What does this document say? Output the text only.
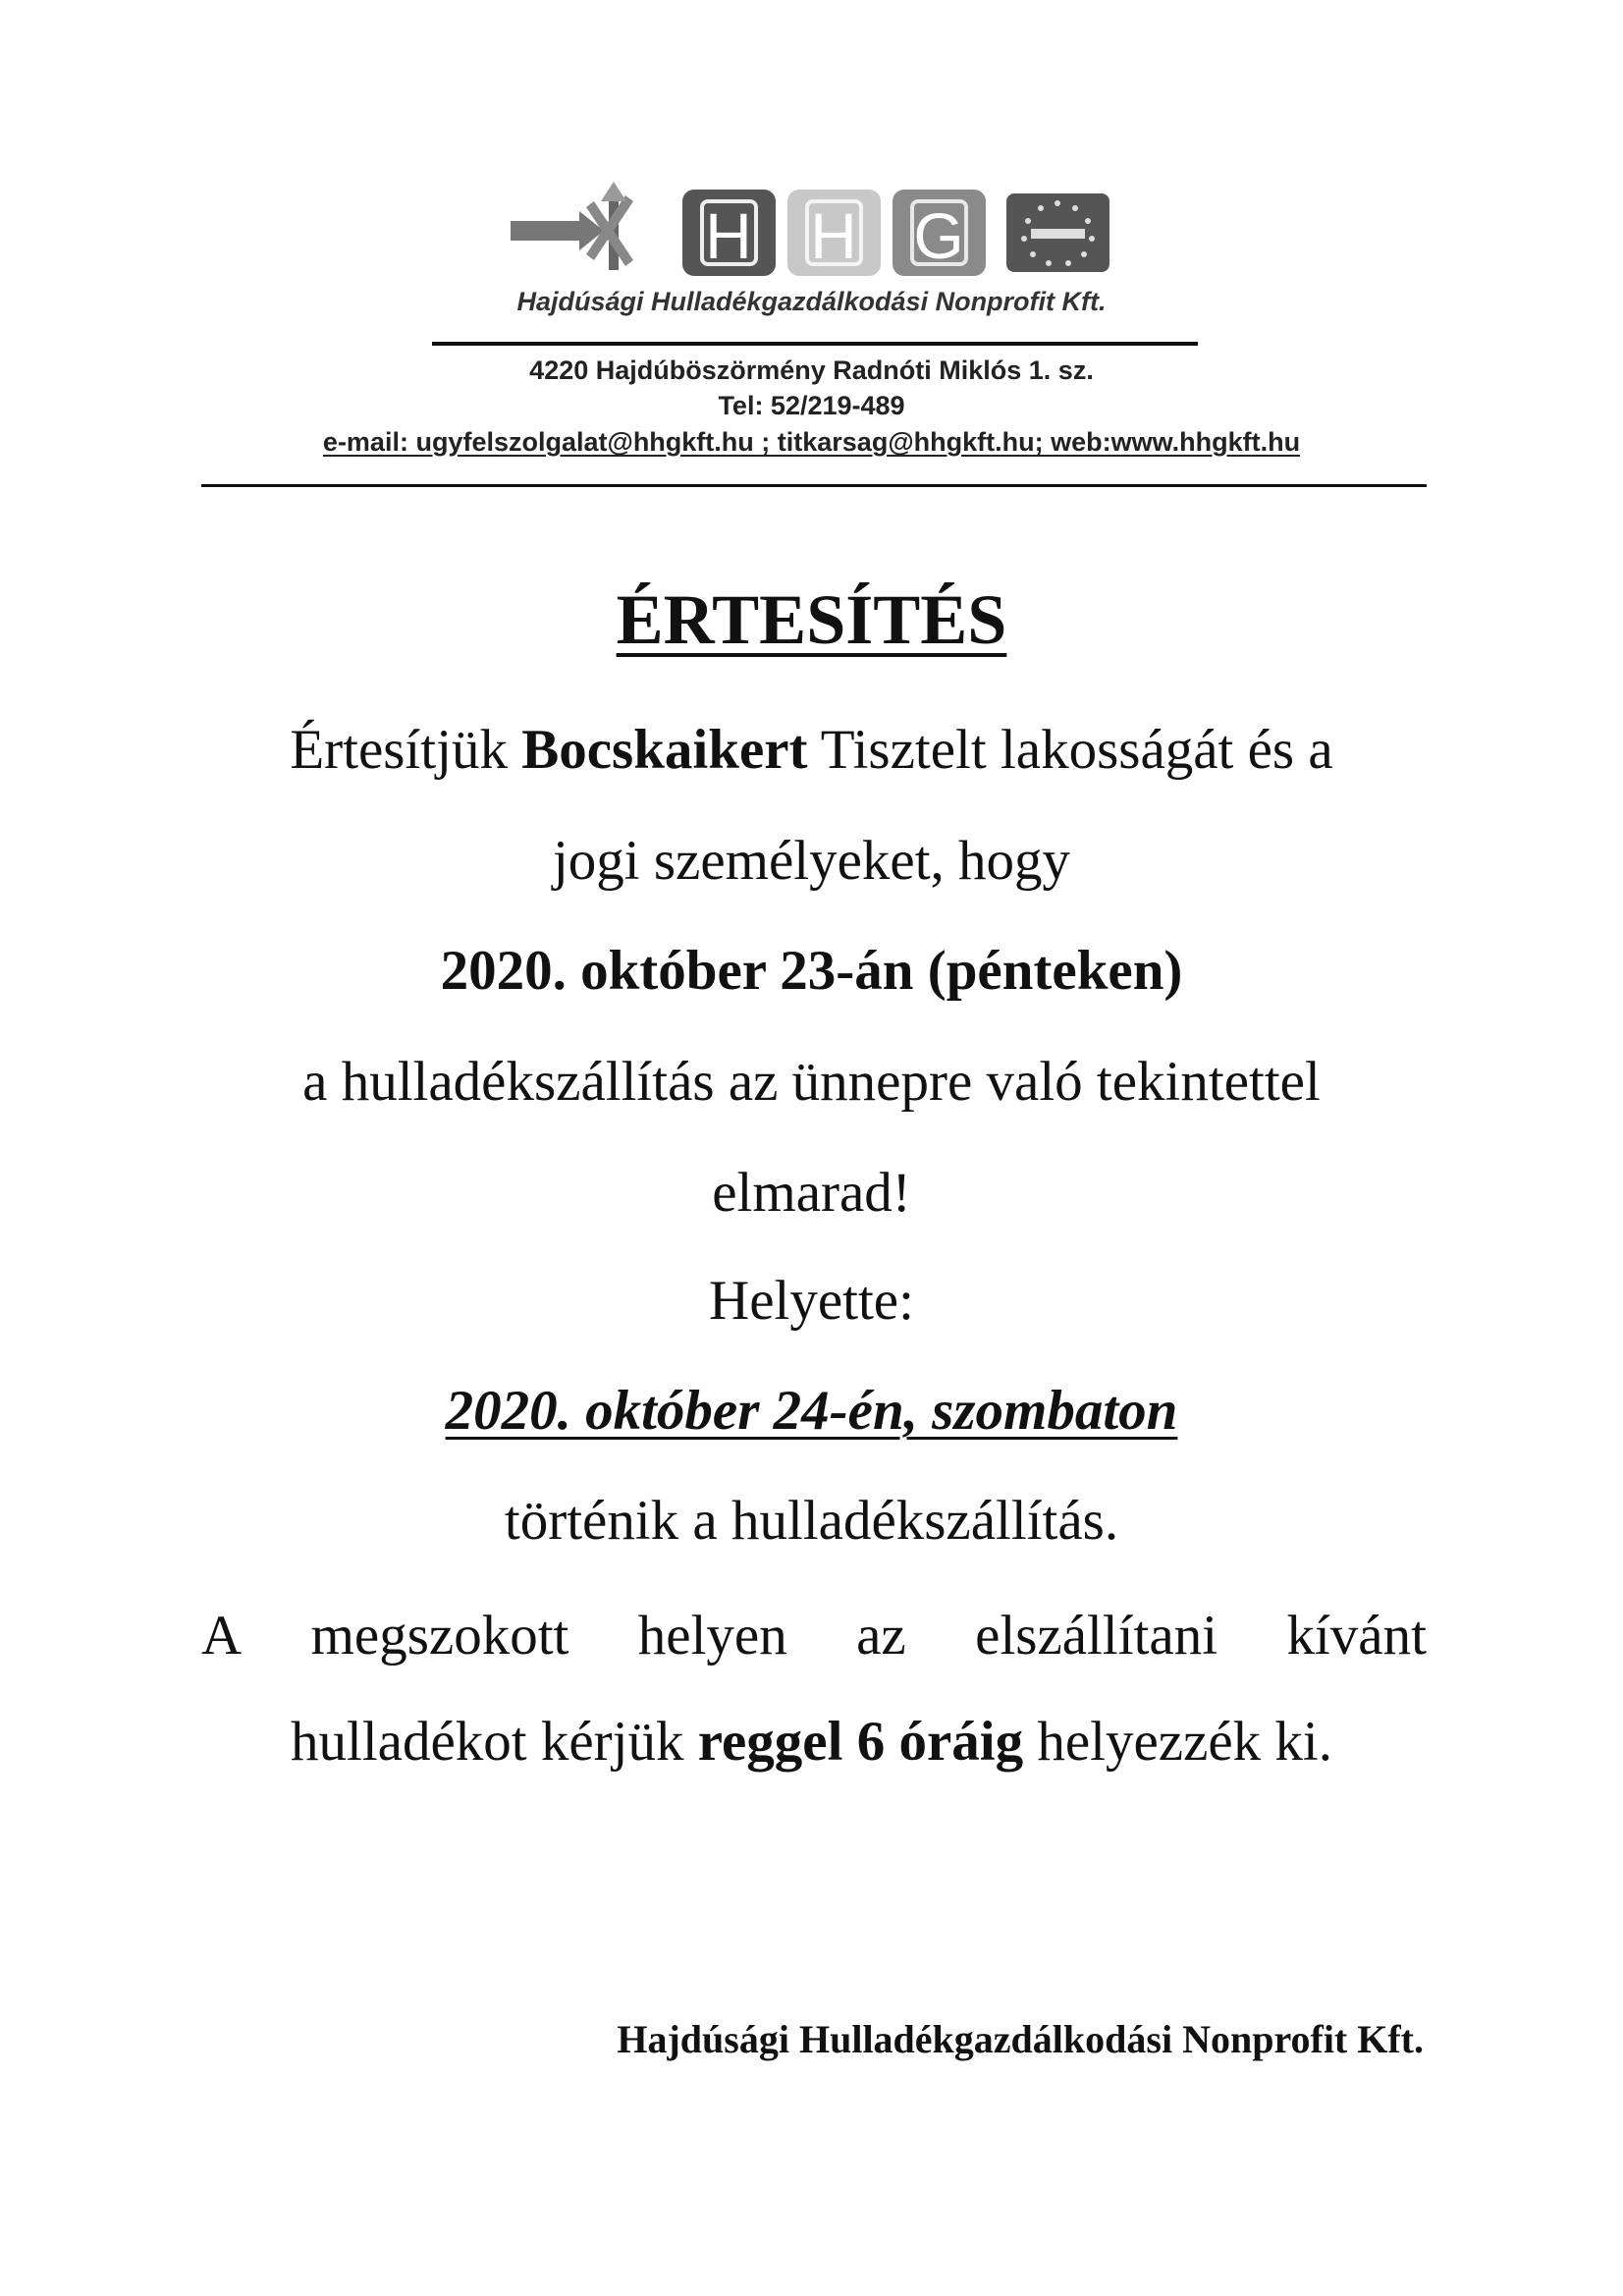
H H G
Hajdúsági Hulladékgazdálkodási Nonprofit Kft.
4220 Hajdúböszörmény Radnóti Miklós 1. sz.
Tel: 52/219-489
e-mail: ugyfelszolgalat@hhgkft.hu ; titkarsag@hhgkft.hu; web:www.hhgkft.hu
ÉRTESÍTÉS
Értesítjük Bocskaikert Tisztelt lakosságát és a
jogi személyeket, hogy
2020. október 23-án (pénteken)
a hulladékszállítás az ünnepre való tekintettel
elmarad!
Helyette:
2020. október 24-én, szombaton
történik a hulladékszállítás.
A megszokott helyen az elszállítani kívánt
hulladékot kérjük reggel 6 óráig helyezzék ki.
Hajdúsági Hulladékgazdálkodási Nonprofit Kft.
